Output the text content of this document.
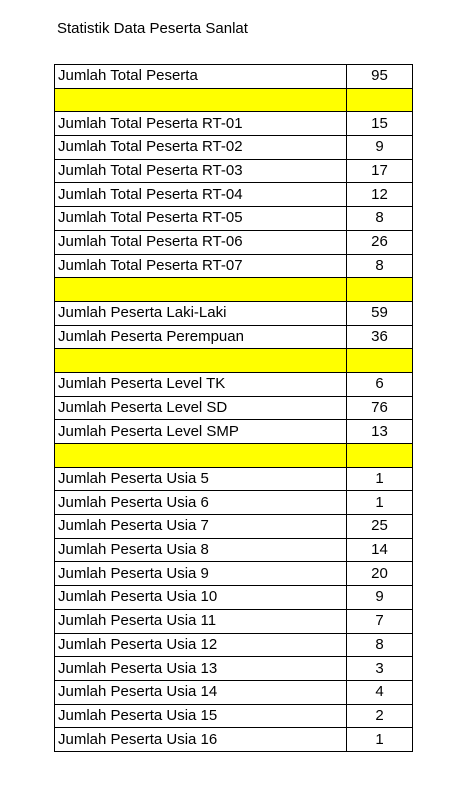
Statistik Data Peserta Sanlat
Jumlah Total Peserta	95

Jumlah Total Peserta RT-01	15
Jumlah Total Peserta RT-02	9
Jumlah Total Peserta RT-03	17
Jumlah Total Peserta RT-04	12
Jumlah Total Peserta RT-05	8
Jumlah Total Peserta RT-06	26
Jumlah Total Peserta RT-07	8

Jumlah Peserta Laki-Laki	59
Jumlah Peserta Perempuan	36

Jumlah Peserta Level TK	6
Jumlah Peserta Level SD	76
Jumlah Peserta Level SMP	13

Jumlah Peserta Usia 5	1
Jumlah Peserta Usia 6	1
Jumlah Peserta Usia 7	25
Jumlah Peserta Usia 8	14
Jumlah Peserta Usia 9	20
Jumlah Peserta Usia 10	9
Jumlah Peserta Usia 11	7
Jumlah Peserta Usia 12	8
Jumlah Peserta Usia 13	3
Jumlah Peserta Usia 14	4
Jumlah Peserta Usia 15	2
Jumlah Peserta Usia 16	1
